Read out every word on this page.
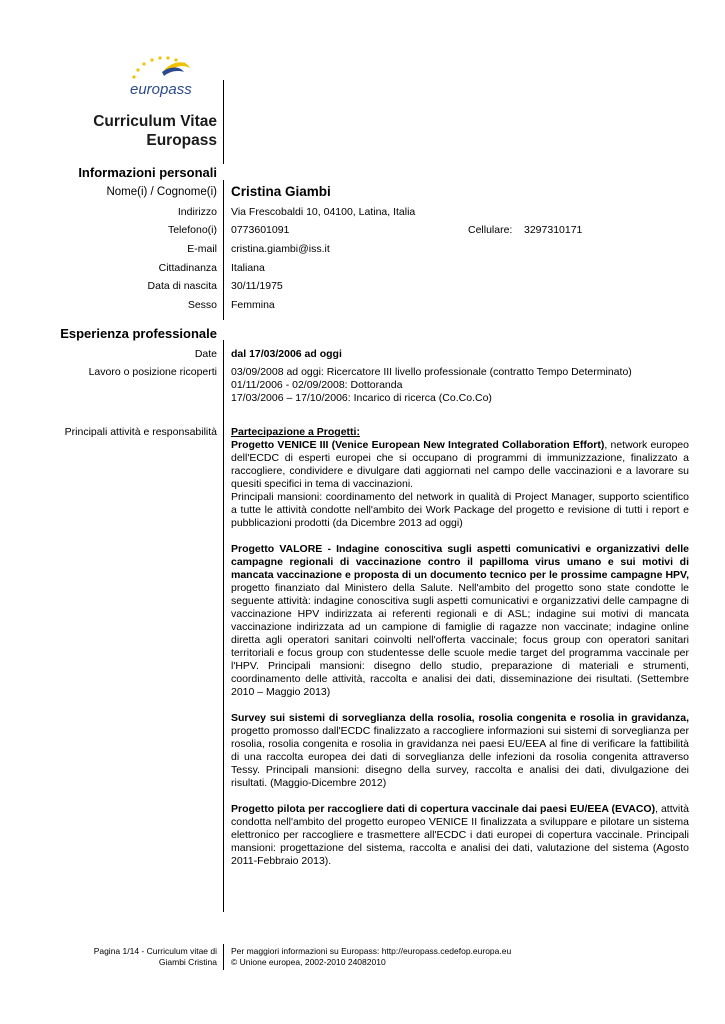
europass
Curriculum Vitae
Europass
Informazioni personali
Nome(i) / Cognome(i) Cristina Giambi
Indirizzo Via Frescobaldi 10, 04100, Latina, Italia
Telefono(i) 0773601091	Cellulare: 3297310171
E-mail cristina.giambi@iss.it
Cittadinanza Italiana
Data di nascita 30/11/1975
Sesso Femmina
Esperienza professionale
Date dal 17/03/2006 ad oggi
Lavoro o posizione ricoperti 03/09/2008 ad oggi: Ricercatore III livello professionale (contratto Tempo Determinato)
01/11/2006 - 02/09/2008: Dottoranda
17/03/2006 – 17/10/2006: Incarico di ricerca (Co.Co.Co)
Principali attività e responsabilità Partecipazione a Progetti:

Progetto VENICE III (Venice European New Integrated Collaboration Effort), network europeo dell'ECDC di esperti europei che si occupano di programmi di immunizzazione, finalizzato a raccogliere, condividere e divulgare dati aggiornati nel campo delle vaccinazioni e a lavorare su quesiti specifici in tema di vaccinazioni.

Principali mansioni: coordinamento del network in qualità di Project Manager, supporto scientifico a tutte le attività condotte nell'ambito dei Work Package del progetto e revisione di tutti i report e pubblicazioni prodotti (da Dicembre 2013 ad oggi)

Progetto VALORE - Indagine conoscitiva sugli aspetti comunicativi e organizzativi delle campagne regionali di vaccinazione contro il papilloma virus umano e sui motivi di mancata vaccinazione e proposta di un documento tecnico per le prossime campagne HPV, progetto finanziato dal Ministero della Salute. Nell'ambito del progetto sono state condotte le seguente attività: indagine conoscitiva sugli aspetti comunicativi e organizzativi delle campagne di vaccinazione HPV indirizzata ai referenti regionali e di ASL; indagine sui motivi di mancata vaccinazione indirizzata ad un campione di famiglie di ragazze non vaccinate; indagine online diretta agli operatori sanitari coinvolti nell'offerta vaccinale; focus group con operatori sanitari territoriali e focus group con studentesse delle scuole medie target del programma vaccinale per l'HPV. Principali mansioni: disegno dello studio, preparazione di materiali e strumenti, coordinamento delle attività, raccolta e analisi dei dati, disseminazione dei risultati. (Settembre 2010 – Maggio 2013)

Survey sui sistemi di sorveglianza della rosolia, rosolia congenita e rosolia in gravidanza, progetto promosso dall'ECDC finalizzato a raccogliere informazioni sui sistemi di sorveglianza per rosolia, rosolia congenita e rosolia in gravidanza nei paesi EU/EEA al fine di verificare la fattibilità di una raccolta europea dei dati di sorveglianza delle infezioni da rosolia congenita attraverso Tessy. Principali mansioni: disegno della survey, raccolta e analisi dei dati, divulgazione dei risultati. (Maggio-Dicembre 2012)

Progetto pilota per raccogliere dati di copertura vaccinale dai paesi EU/EEA (EVACO), attvità condotta nell'ambito del progetto europeo VENICE II finalizzata a sviluppare e pilotare un sistema elettronico per raccogliere e trasmettere all'ECDC i dati europei di copertura vaccinale. Principali mansioni: progettazione del sistema, raccolta e analisi dei dati, valutazione del sistema (Agosto 2011-Febbraio 2013).

Pagina 1/14 - Curriculum vitae di
Giambi Cristina
Per maggiori informazioni su Europass: http://europass.cedefop.europa.eu
© Unione europea, 2002-2010 24082010
